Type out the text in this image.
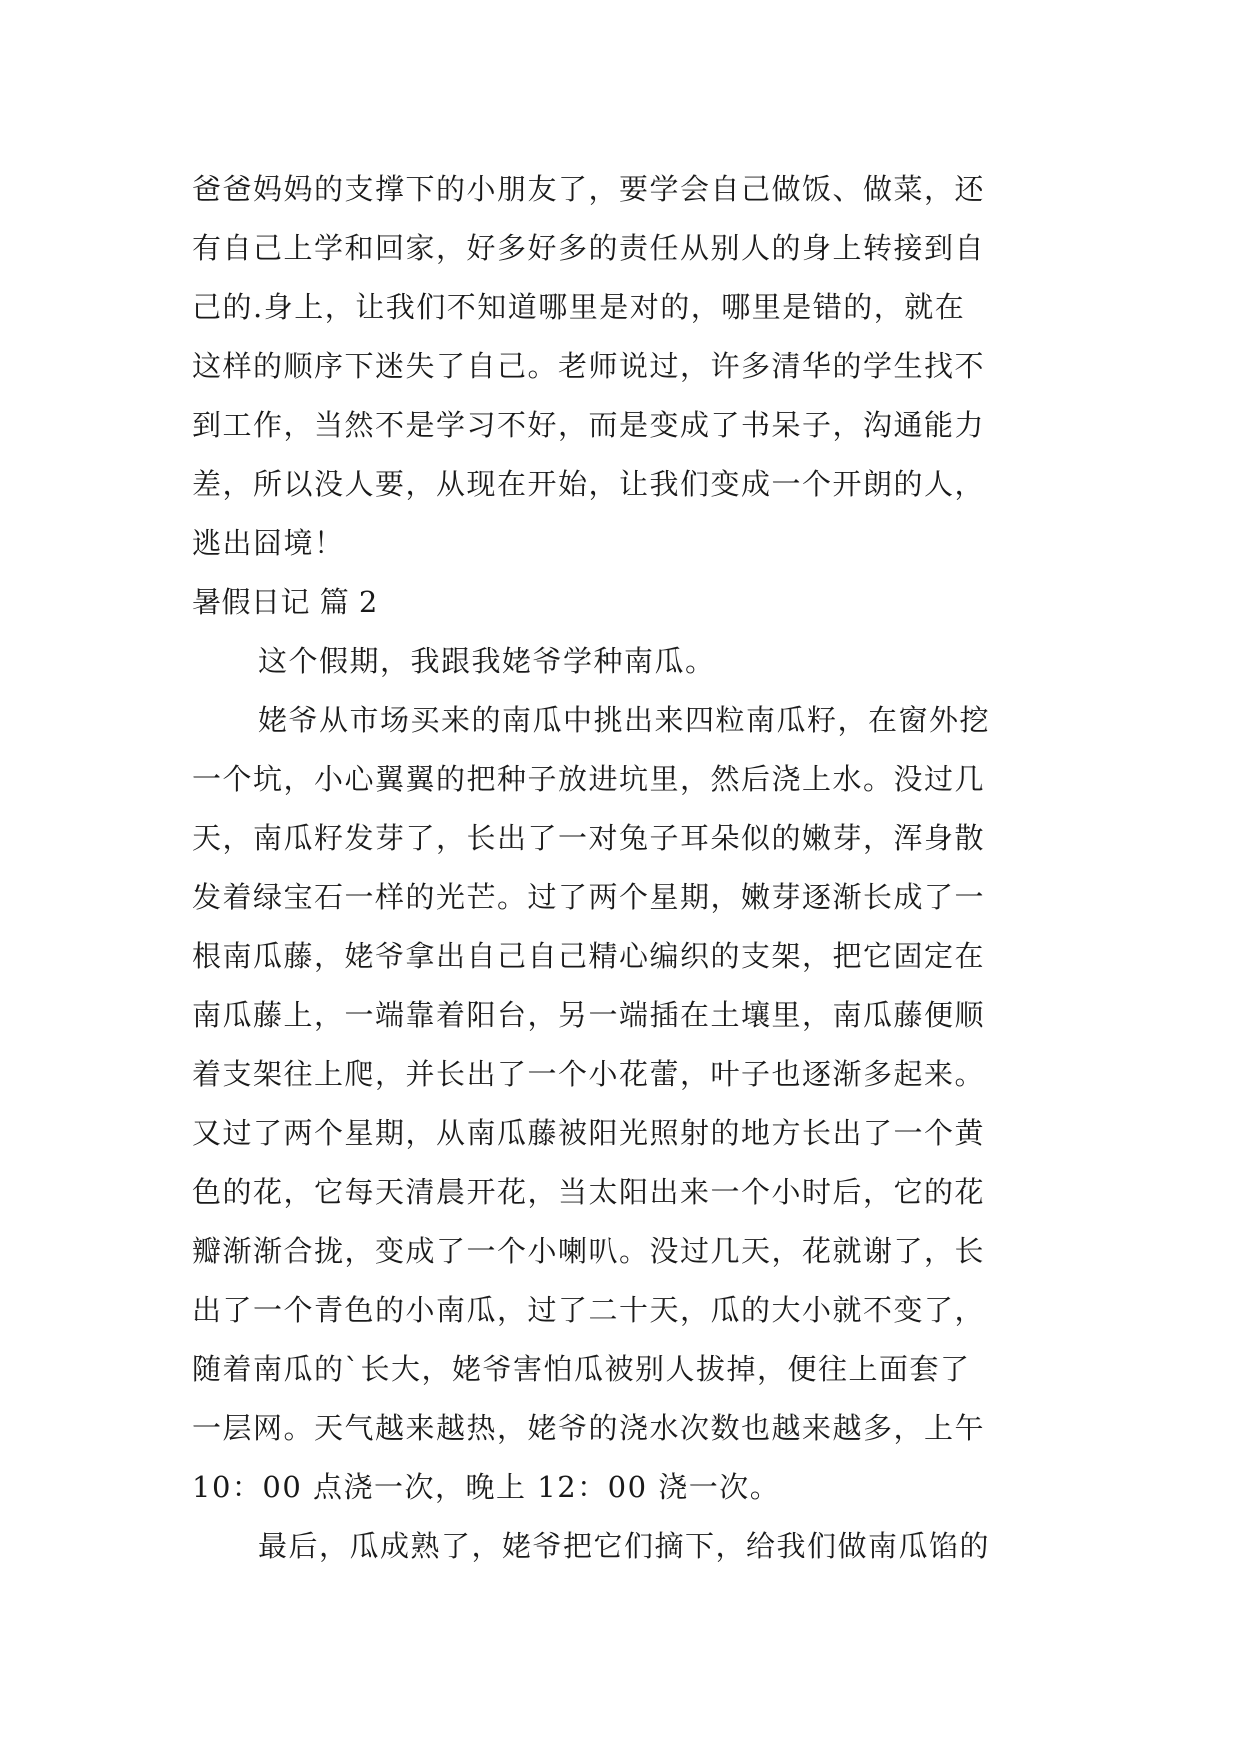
爸爸妈妈的支撑下的小朋友了，要学会自己做饭、做菜，还
有自己上学和回家，好多好多的责任从别人的身上转接到自
己的.身上，让我们不知道哪里是对的，哪里是错的，就在
这样的顺序下迷失了自己。老师说过，许多清华的学生找不
到工作，当然不是学习不好，而是变成了书呆子，沟通能力
差，所以没人要，从现在开始，让我们变成一个开朗的人，
逃出囧境！
暑假日记 篇 2
这个假期，我跟我姥爷学种南瓜。
姥爷从市场买来的南瓜中挑出来四粒南瓜籽，在窗外挖
一个坑，小心翼翼的把种子放进坑里，然后浇上水。没过几
天，南瓜籽发芽了，长出了一对兔子耳朵似的嫩芽，浑身散
发着绿宝石一样的光芒。过了两个星期，嫩芽逐渐长成了一
根南瓜藤，姥爷拿出自己自己精心编织的支架，把它固定在
南瓜藤上，一端靠着阳台，另一端插在土壤里，南瓜藤便顺
着支架往上爬，并长出了一个小花蕾，叶子也逐渐多起来。
又过了两个星期，从南瓜藤被阳光照射的地方长出了一个黄
色的花，它每天清晨开花，当太阳出来一个小时后，它的花
瓣渐渐合拢，变成了一个小喇叭。没过几天，花就谢了，长
出了一个青色的小南瓜，过了二十天，瓜的大小就不变了，
随着南瓜的`长大，姥爷害怕瓜被别人拔掉，便往上面套了
一层网。天气越来越热，姥爷的浇水次数也越来越多，上午
10：00 点浇一次，晚上 12：00 浇一次。
最后，瓜成熟了，姥爷把它们摘下，给我们做南瓜馅的
